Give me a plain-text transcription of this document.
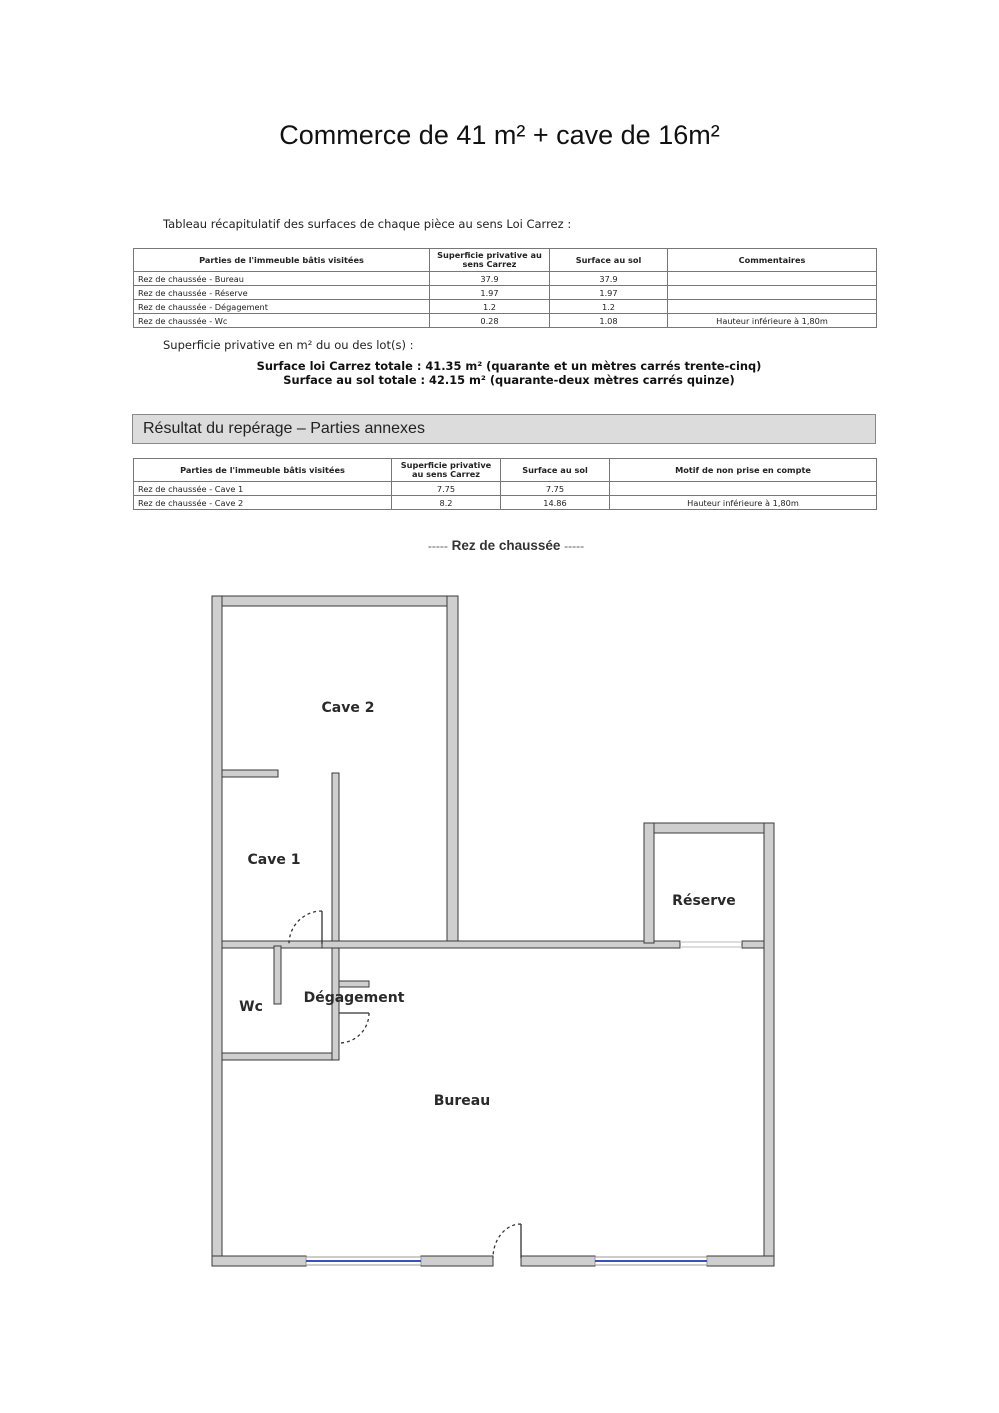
Commerce de 41 m² + cave de 16m²
Tableau récapitulatif des surfaces de chaque pièce au sens Loi Carrez :
Parties de l'immeuble bâtis visitées	Superficie privative au sens Carrez	Surface au sol	Commentaires
Rez de chaussée - Bureau	37.9	37.9	
Rez de chaussée - Réserve	1.97	1.97	
Rez de chaussée - Dégagement	1.2	1.2	
Rez de chaussée - Wc	0.28	1.08	Hauteur inférieure à 1,80m
Superficie privative en m² du ou des lot(s) :
Surface loi Carrez totale : 41.35 m² (quarante et un mètres carrés trente-cinq)
Surface au sol totale : 42.15 m² (quarante-deux mètres carrés quinze)
Résultat du repérage – Parties annexes
Parties de l'immeuble bâtis visitées	Superficie privative au sens Carrez	Surface au sol	Motif de non prise en compte
Rez de chaussée - Cave 1	7.75	7.75	
Rez de chaussée - Cave 2	8.2	14.86	Hauteur inférieure à 1,80m
----- Rez de chaussée -----
Cave 2
Cave 1
Réserve
Wc
Dégagement
Bureau
